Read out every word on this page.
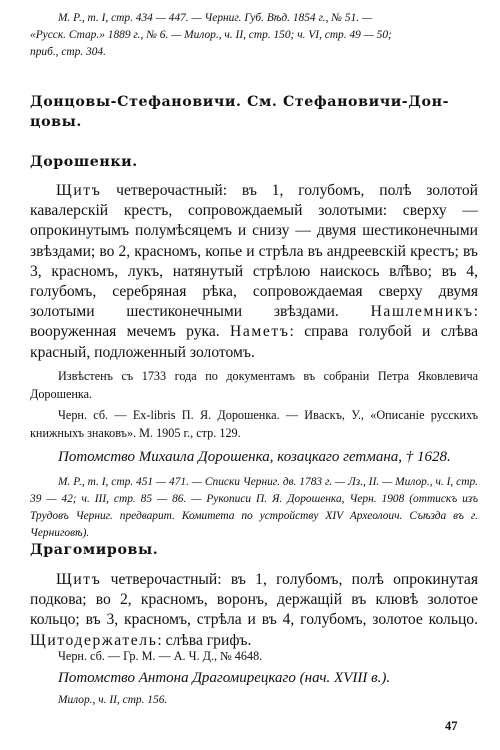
М. Р., т. I, стр. 434 — 447. — Черниг. Губ. Вѣд. 1854 г., № 51. —

«Русск. Стар.» 1889 г., № 6. — Милор., ч. II, стр. 150; ч. VI, стр. 49 — 50;

приб., стр. 304.

Донцовы-Стефановичи. См. Стефановичи-Дон-

цовы.

Дорошенки.

Щитъ четверочастный: въ 1, голубомъ, полѣ золотой кавалерскій крестъ, сопровождаемый золотыми: сверху — опрокинутымъ полумѣсяцемъ и снизу — двумя шестиконечными звѣздами; во 2, красномъ, копье и стрѣла въ андреевскій крестъ; въ 3, красномъ, лукъ, натянутый стрѣлою наискось вл̂ѣво; въ 4, голубомъ, серебряная рѣка, сопровождаемая сверху двумя золотыми шестиконечными звѣздами. Нашлемникъ: вооруженная мечемъ рука. Наметъ: справа голубой и слѣва красный, подложенный золотомъ.

Извѣстенъ съ 1733 года по документамъ въ собраніи Петра Яковлевича Дорошенка.
Черн. сб. — Ex-libris П. Я. Дорошенка. — Ивaскъ, У., «Описаніе русскихъ книжныхъ знаковъ». М. 1905 г., стр. 129.
Потомство Михаила Дорошенка, козацкаго гетмана, † 1628.
М. Р., т. I, стр. 451 — 471. — Списки Черниг. дв. 1783 г. — Лз., II. — Милор., ч. I, стр. 39 — 42; ч. III, стр. 85 — 86. — Рукописи П. Я. Дорошенка, Черн. 1908 (оттискъ изъ Трудовъ Черниг. предварит. Комитета по устройству XIV Археолоич. Съѣзда въ г. Черниговѣ).
Драгомировы.

Щитъ четверочастный: въ 1, голубомъ, полѣ опрокинутая подкова; во 2, красномъ, воронъ, держащій въ клювѣ золотое кольцо; въ 3, красномъ, стрѣла и въ 4, голубомъ, золотое кольцо. Щитодержатель: слѣва грифъ.

Черн. сб. — Гр. М. — А. Ч. Д., № 4648.
Потомство Антона Драгомирецкаго (нач. XVIII в.).
Милор., ч. II, стр. 156.
47
